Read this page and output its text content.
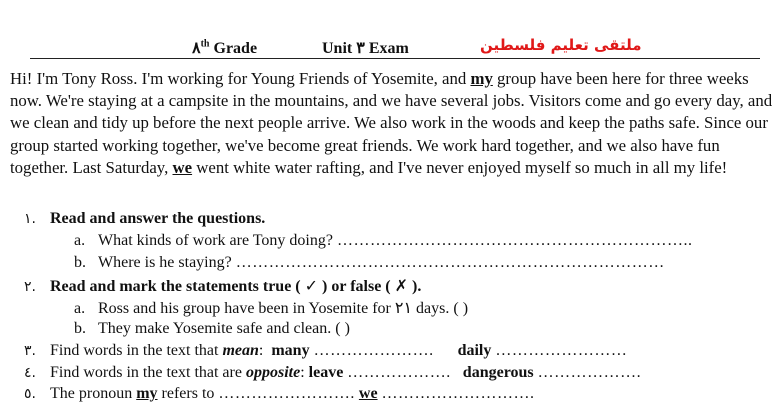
٨th Grade	Unit ٣ Exam	ملتقى تعليم فلسطين

Hi! I'm Tony Ross. I'm working for Young Friends of Yosemite, and my group have been here for three weeks now. We're staying at a campsite in the mountains, and we have several jobs. Visitors come and go every day, and we clean and tidy up before the next people arrive. We also work in the woods and keep the paths safe. Since our group started working together, we've become great friends. We work hard together, and we also have fun together. Last Saturday, we went white water rafting, and I've never enjoyed myself so much in all my life!

١. Read and answer the questions.
a. What kinds of work are Tony doing? ………………………………………………………..
b. Where is he staying? ……………………………………………………………………
٢. Read and mark the statements true ( ✓ ) or false ( ✗ ).
a. Ross and his group have been in Yosemite for ٢١ days. ( )
b. They make Yosemite safe and clean. ( )
٣. Find words in the text that mean: many …………………. daily ……………………
٤. Find words in the text that are opposite: leave ………………. dangerous ……………….
٥. The pronoun my refers to ……………………. we ……………………….
